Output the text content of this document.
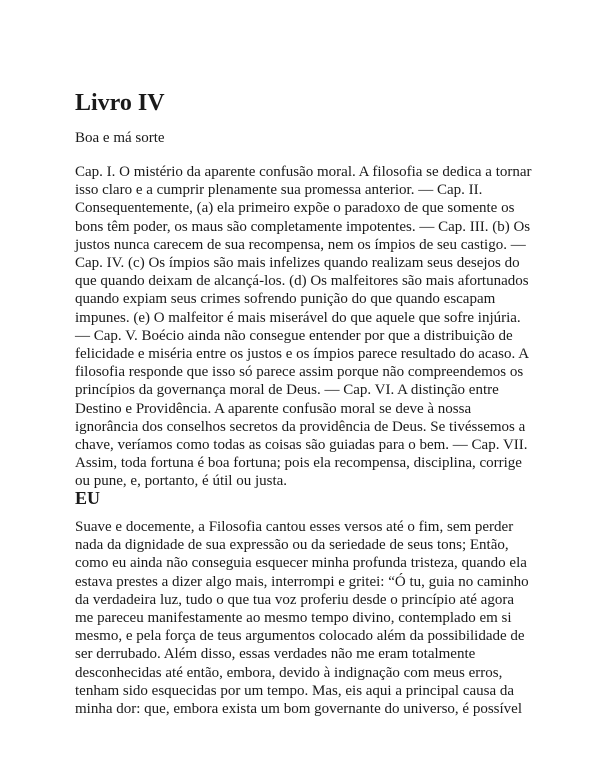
Livro IV

Boa e má sorte

Cap. I. O mistério da aparente confusão moral. A filosofia se dedica a tornar
isso claro e a cumprir plenamente sua promessa anterior. — Cap. II.
Consequentemente, (a) ela primeiro expõe o paradoxo de que somente os
bons têm poder, os maus são completamente impotentes. — Cap. III. (b) Os
justos nunca carecem de sua recompensa, nem os ímpios de seu castigo. —
Cap. IV. (c) Os ímpios são mais infelizes quando realizam seus desejos do
que quando deixam de alcançá-los. (d) Os malfeitores são mais afortunados
quando expiam seus crimes sofrendo punição do que quando escapam
impunes. (e) O malfeitor é mais miserável do que aquele que sofre injúria.
— Cap. V. Boécio ainda não consegue entender por que a distribuição de
felicidade e miséria entre os justos e os ímpios parece resultado do acaso. A
filosofia responde que isso só parece assim porque não compreendemos os
princípios da governança moral de Deus. — Cap. VI. A distinção entre
Destino e Providência. A aparente confusão moral se deve à nossa
ignorância dos conselhos secretos da providência de Deus. Se tivéssemos a
chave, veríamos como todas as coisas são guiadas para o bem. — Cap. VII.
Assim, toda fortuna é boa fortuna; pois ela recompensa, disciplina, corrige
ou pune, e, portanto, é útil ou justa.

EU

Suave e docemente, a Filosofia cantou esses versos até o fim, sem perder
nada da dignidade de sua expressão ou da seriedade de seus tons; Então,
como eu ainda não conseguia esquecer minha profunda tristeza, quando ela
estava prestes a dizer algo mais, interrompi e gritei: “Ó tu, guia no caminho
da verdadeira luz, tudo o que tua voz proferiu desde o princípio até agora
me pareceu manifestamente ao mesmo tempo divino, contemplado em si
mesmo, e pela força de teus argumentos colocado além da possibilidade de
ser derrubado. Além disso, essas verdades não me eram totalmente
desconhecidas até então, embora, devido à indignação com meus erros,
tenham sido esquecidas por um tempo. Mas, eis aqui a principal causa da
minha dor: que, embora exista um bom governante do universo, é possível
